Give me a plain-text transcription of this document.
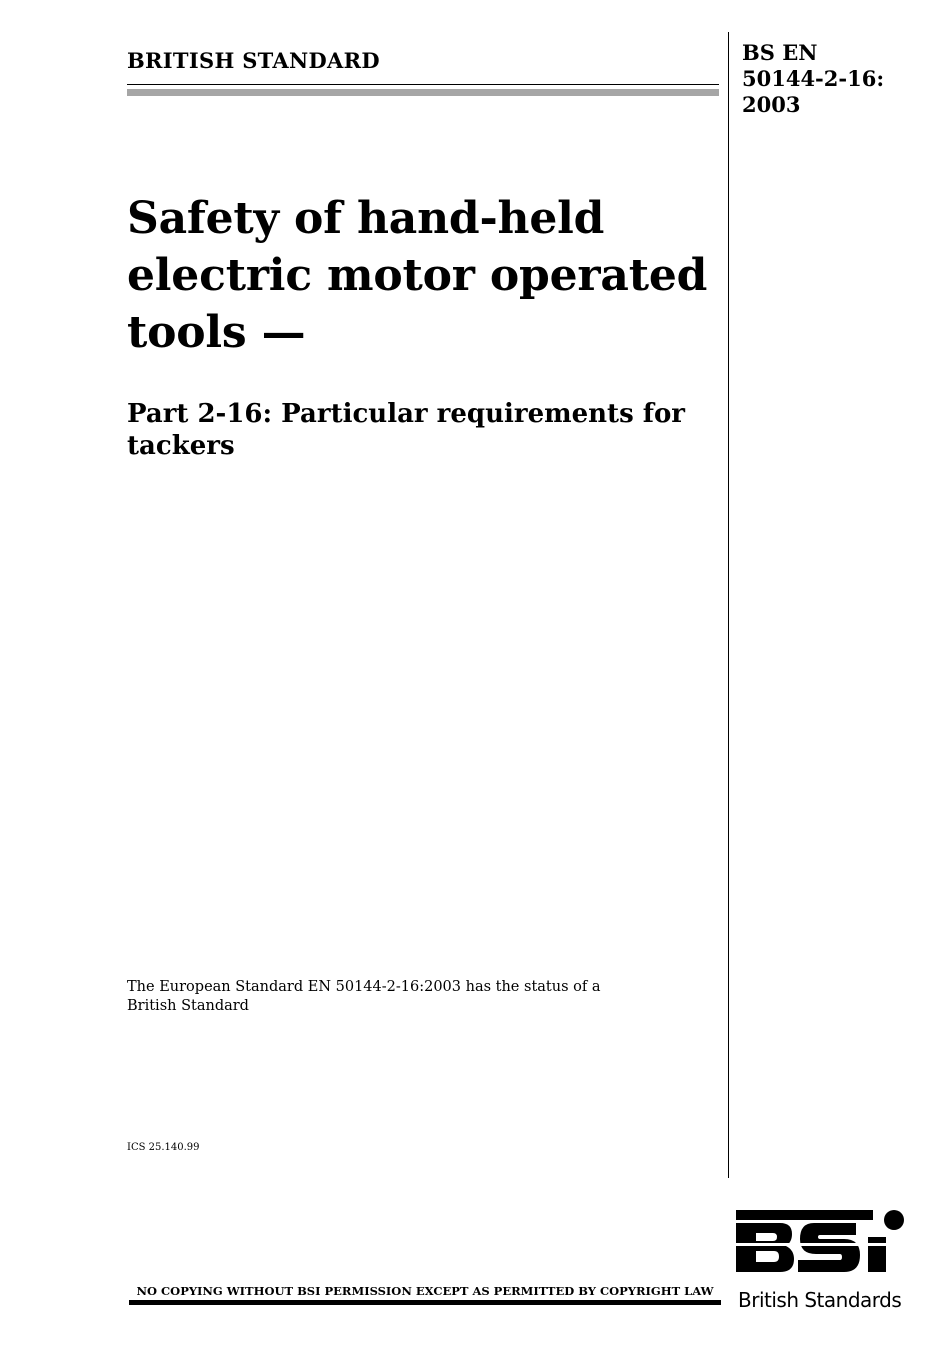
BRITISH STANDARD	BS EN
50144-2-16:
2003
Safety of hand-held
electric motor operated
tools —
Part 2-16: Particular requirements for
tackers
The European Standard EN 50144-2-16:2003 has the status of a
British Standard
ICS 25.140.99
NO COPYING WITHOUT BSI PERMISSION EXCEPT AS PERMITTED BY COPYRIGHT LAW	British Standards
